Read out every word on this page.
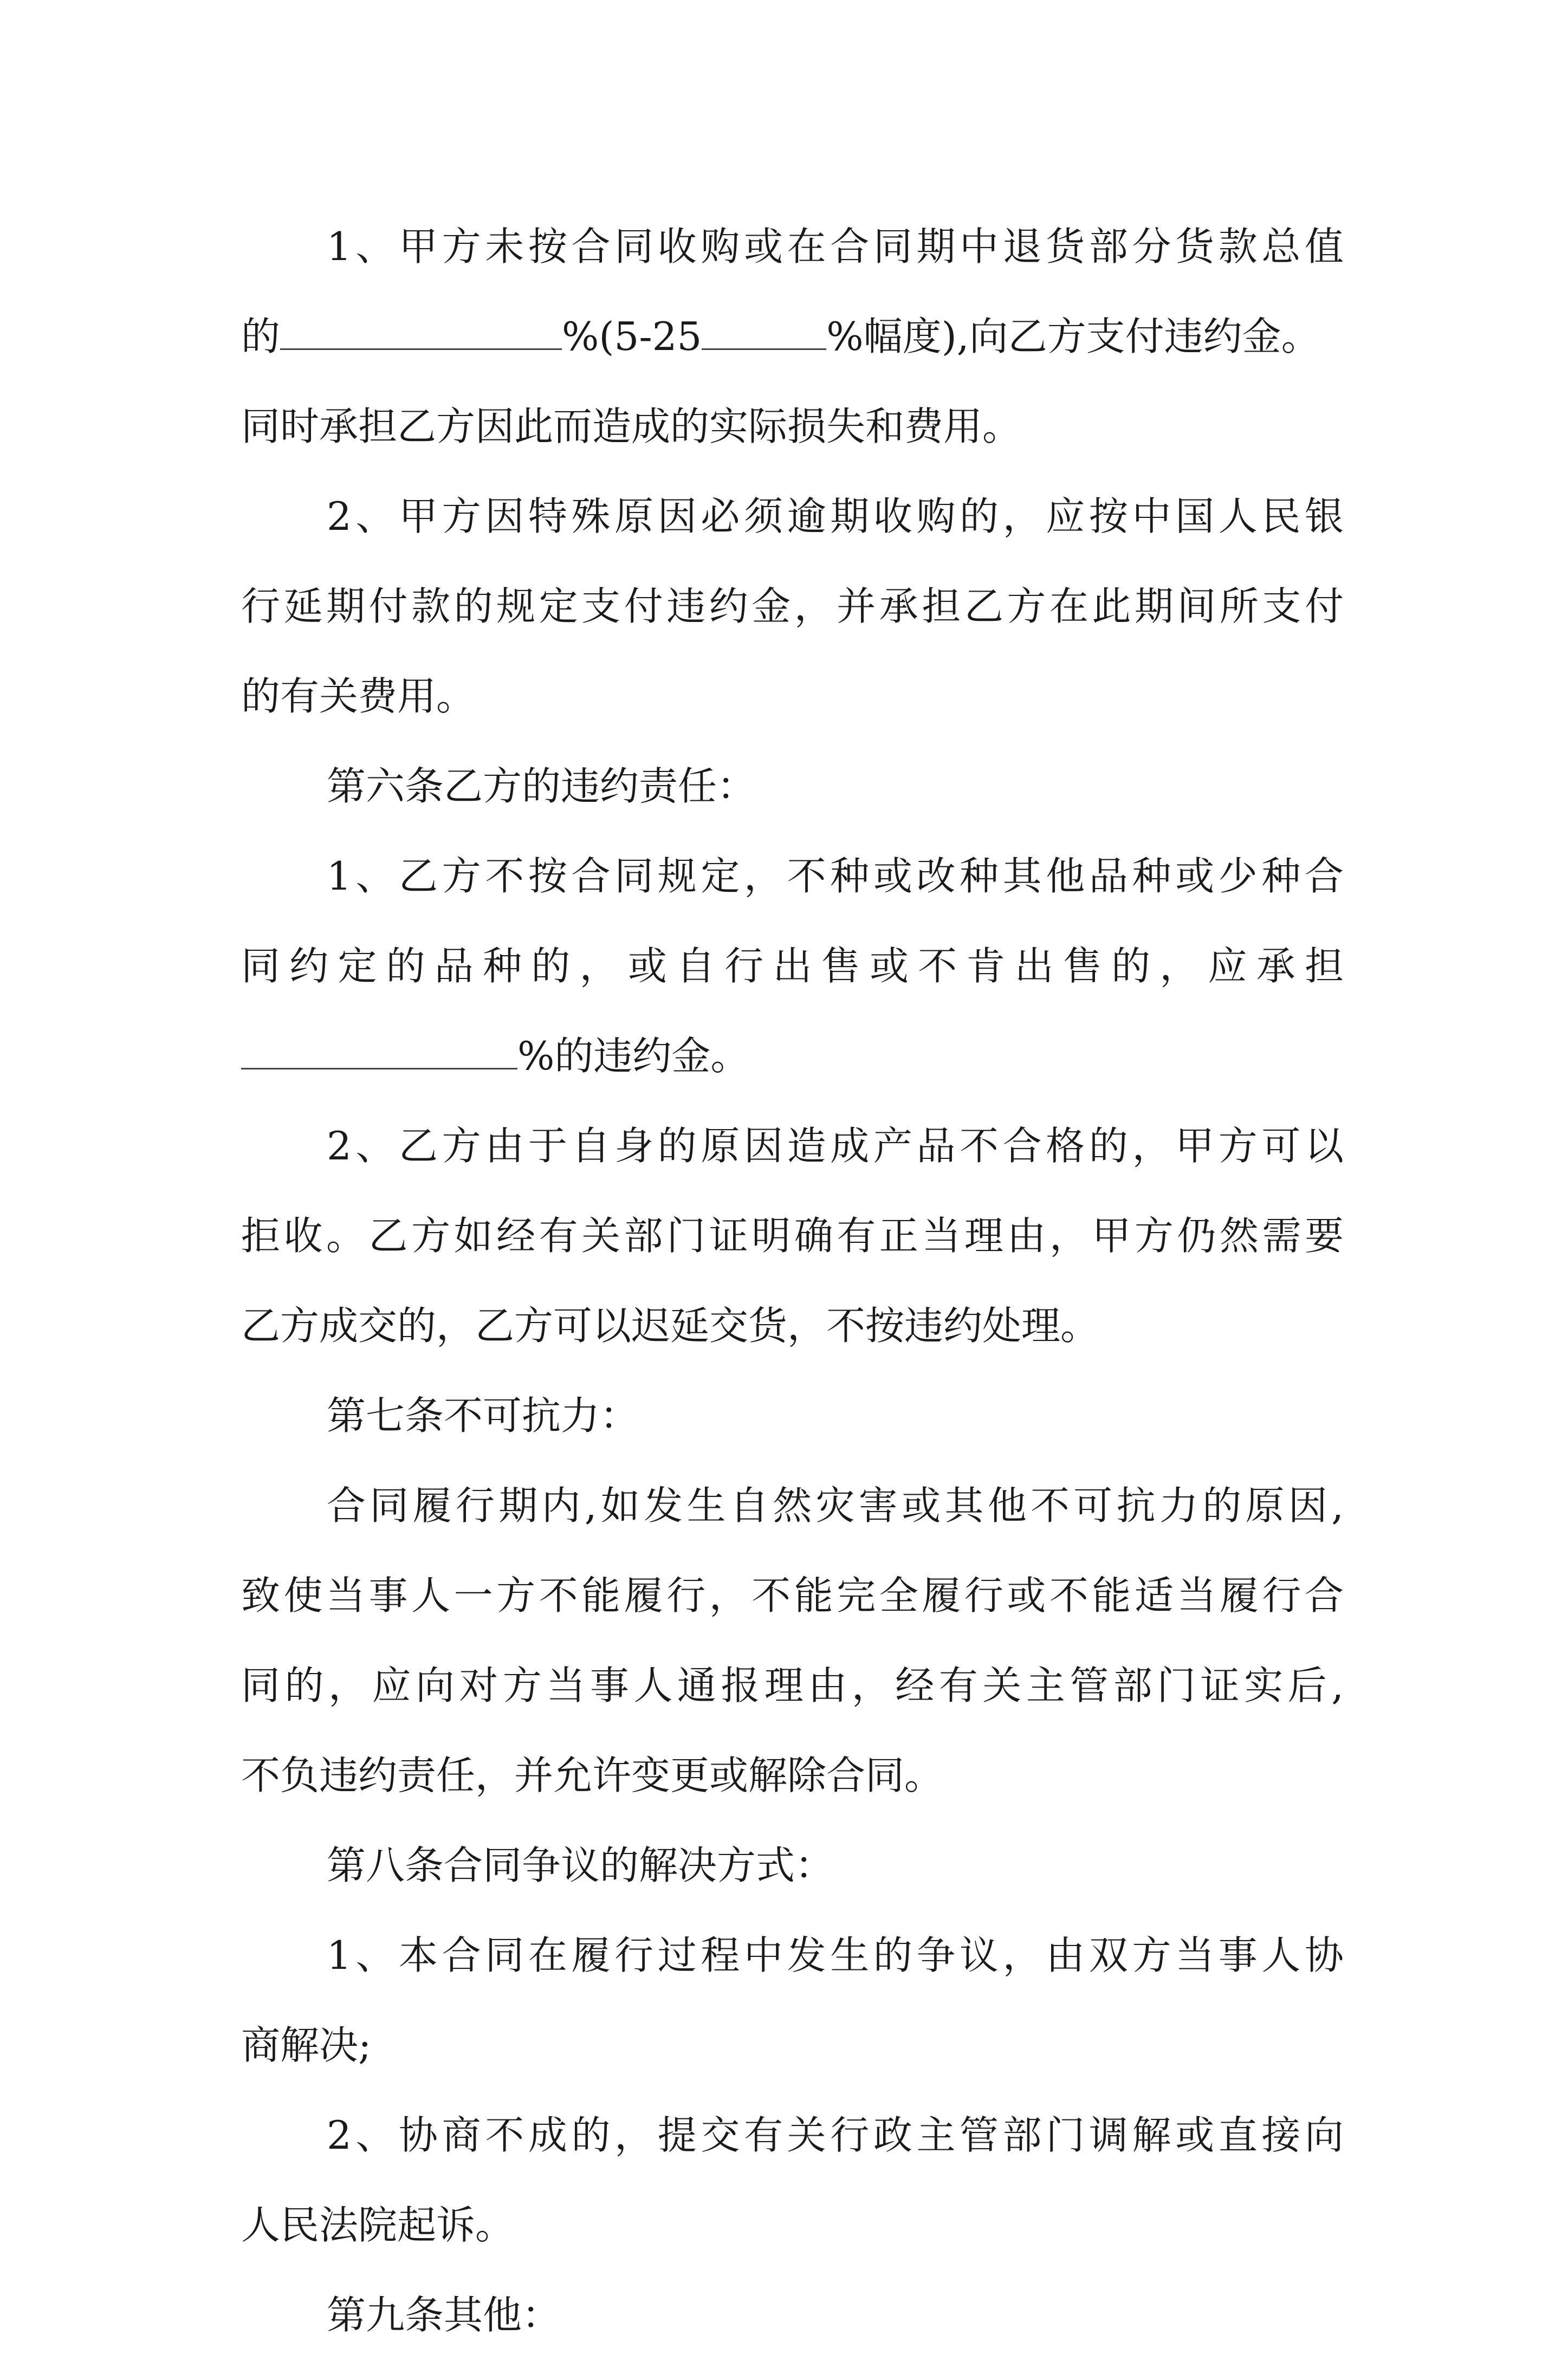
1、甲方未按合同收购或在合同期中退货部分货款总值
的	%(5-25	%幅度),向乙方支付违约金。
同时承担乙方因此而造成的实际损失和费用。
2、甲方因特殊原因必须逾期收购的，应按中国人民银
行延期付款的规定支付违约金，并承担乙方在此期间所支付
的有关费用。
第六条乙方的违约责任：
1、乙方不按合同规定，不种或改种其他品种或少种合
同约定的品种的，或自行出售或不肯出售的，应承担
%的违约金。
2、乙方由于自身的原因造成产品不合格的，甲方可以
拒收。乙方如经有关部门证明确有正当理由，甲方仍然需要
乙方成交的，乙方可以迟延交货，不按违约处理。
第七条不可抗力：
合同履行期内,如发生自然灾害或其他不可抗力的原因,
致使当事人一方不能履行，不能完全履行或不能适当履行合
同的，应向对方当事人通报理由，经有关主管部门证实后,
不负违约责任，并允许变更或解除合同。
第八条合同争议的解决方式：
1、本合同在履行过程中发生的争议，由双方当事人协
商解决;
2、协商不成的，提交有关行政主管部门调解或直接向
人民法院起诉。
第九条其他：
